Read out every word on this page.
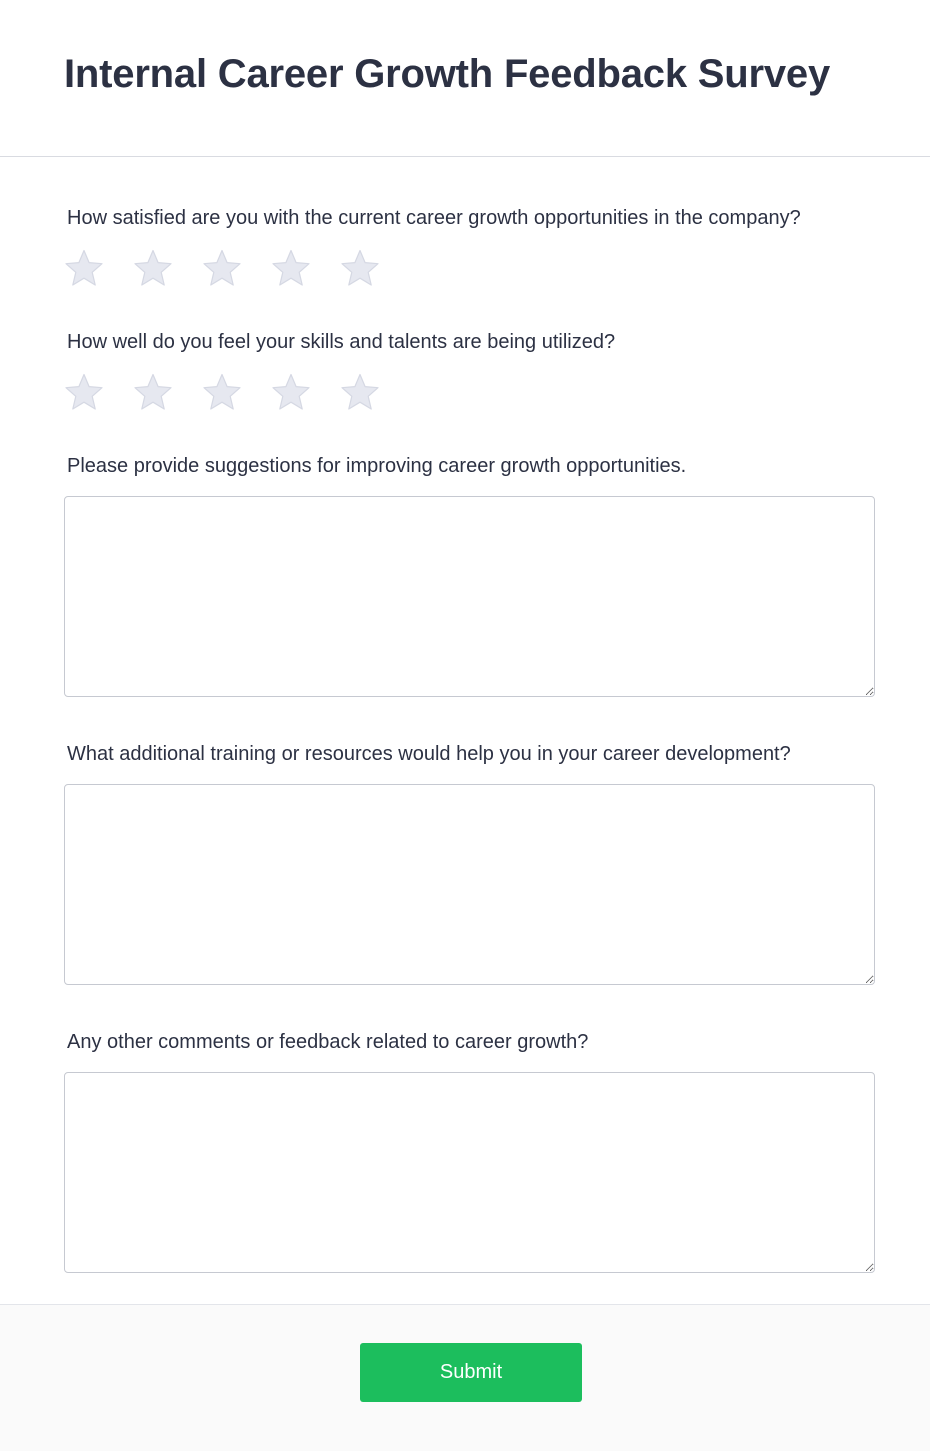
Internal Career Growth Feedback Survey
How satisfied are you with the current career growth opportunities in the company?
How well do you feel your skills and talents are being utilized?
Please provide suggestions for improving career growth opportunities.
What additional training or resources would help you in your career development?
Any other comments or feedback related to career growth?
Submit
